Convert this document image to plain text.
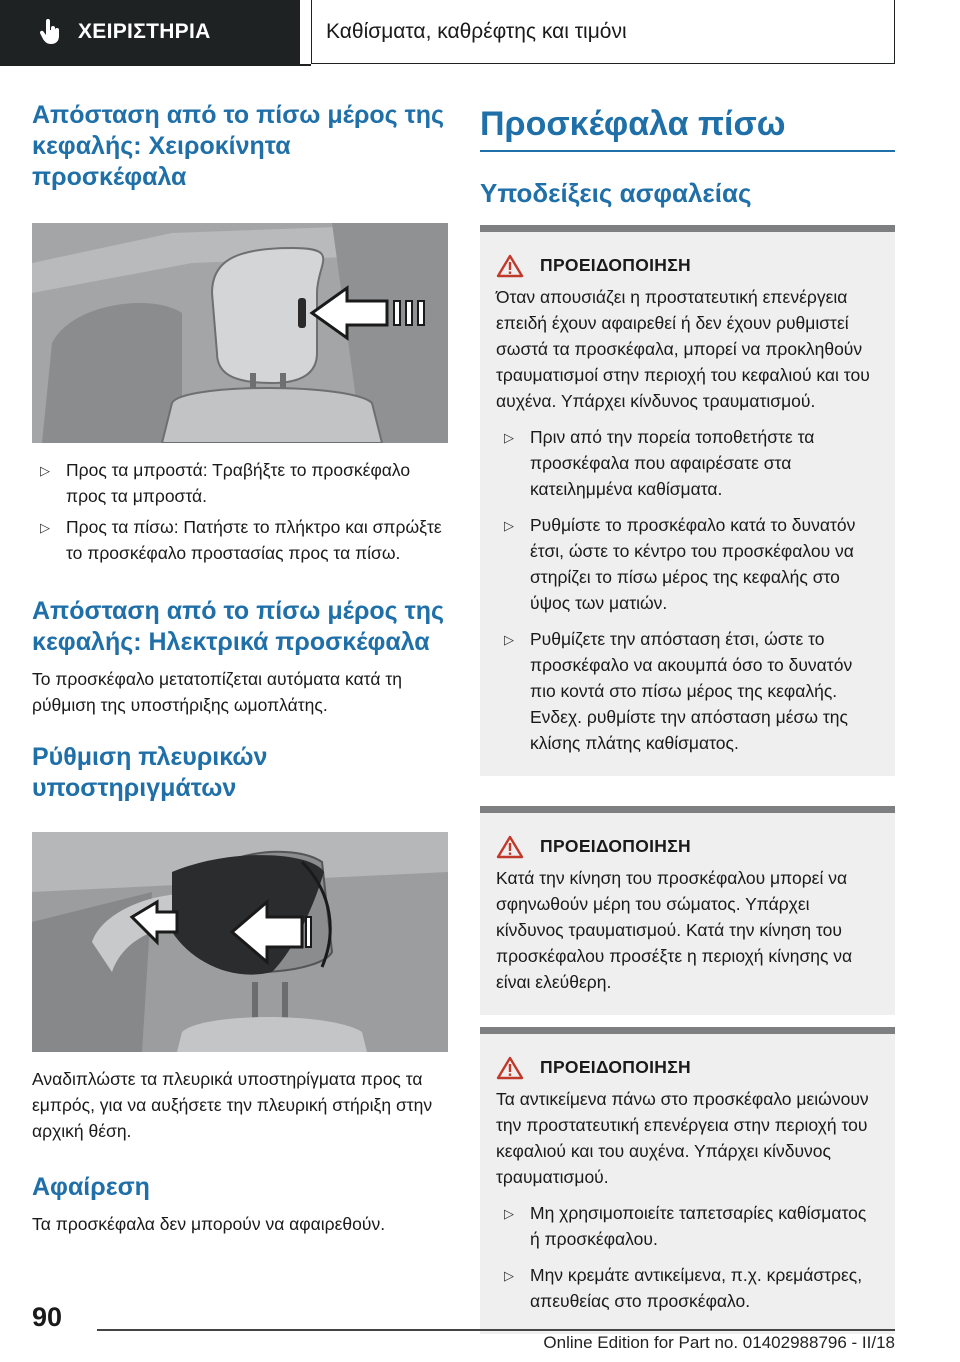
ΧΕΙΡΙΣΤΗΡΙΑ	Καθίσματα, καθρέφτης και τιμόνι
Απόσταση από το πίσω μέρος της κεφαλής: Χειροκίνητα προσκέφαλα
▷ Προς τα μπροστά: Τραβήξτε το προσκέφαλο προς τα μπροστά.
▷ Προς τα πίσω: Πατήστε το πλήκτρο και σπρώξτε το προσκέφαλο προστασίας προς τα πίσω.
Απόσταση από το πίσω μέρος της κεφαλής: Ηλεκτρικά προσκέφαλα

Το προσκέφαλο μετατοπίζεται αυτόματα κατά τη ρύθμιση της υποστήριξης ωμοπλάτης.

Ρύθμιση πλευρικών υποστηριγμάτων

Αναδιπλώστε τα πλευρικά υποστηρίγματα προς τα εμπρός, για να αυξήσετε την πλευρική στήριξη στην αρχική θέση.

Αφαίρεση

Τα προσκέφαλα δεν μπορούν να αφαιρεθούν.

Προσκέφαλα πίσω
Υποδείξεις ασφαλείας
ΠΡΟΕΙΔΟΠΟΙΗΣΗ

Όταν απουσιάζει η προστατευτική επενέργεια επειδή έχουν αφαιρεθεί ή δεν έχουν ρυθμιστεί σωστά τα προσκέφαλα, μπορεί να προκληθούν τραυματισμοί στην περιοχή του κεφαλιού και του αυχένα. Υπάρχει κίνδυνος τραυματισμού.

▷ Πριν από την πορεία τοποθετήστε τα προσκέφαλα που αφαιρέσατε στα κατειλημμένα καθίσματα.
▷ Ρυθμίστε το προσκέφαλο κατά το δυνατόν έτσι, ώστε το κέντρο του προσκέφαλου να στηρίζει το πίσω μέρος της κεφαλής στο ύψος των ματιών.
▷ Ρυθμίζετε την απόσταση έτσι, ώστε το προσκέφαλο να ακουμπά όσο το δυνατόν πιο κοντά στο πίσω μέρος της κεφαλής. Ενδεχ. ρυθμίστε την απόσταση μέσω της κλίσης πλάτης καθίσματος.
ΠΡΟΕΙΔΟΠΟΙΗΣΗ

Κατά την κίνηση του προσκέφαλου μπορεί να σφηνωθούν μέρη του σώματος. Υπάρχει κίνδυνος τραυματισμού. Κατά την κίνηση του προσκέφαλου προσέξτε η περιοχή κίνησης να είναι ελεύθερη.

ΠΡΟΕΙΔΟΠΟΙΗΣΗ

Τα αντικείμενα πάνω στο προσκέφαλο μειώνουν την προστατευτική επενέργεια στην περιοχή του κεφαλιού και του αυχένα. Υπάρχει κίνδυνος τραυματισμού.

▷ Μη χρησιμοποιείτε ταπετσαρίες καθίσματος ή προσκέφαλου.
▷ Μην κρεμάτε αντικείμενα, π.χ. κρεμάστρες, απευθείας στο προσκέφαλο.
90
Online Edition for Part no. 01402988796 - II/18
